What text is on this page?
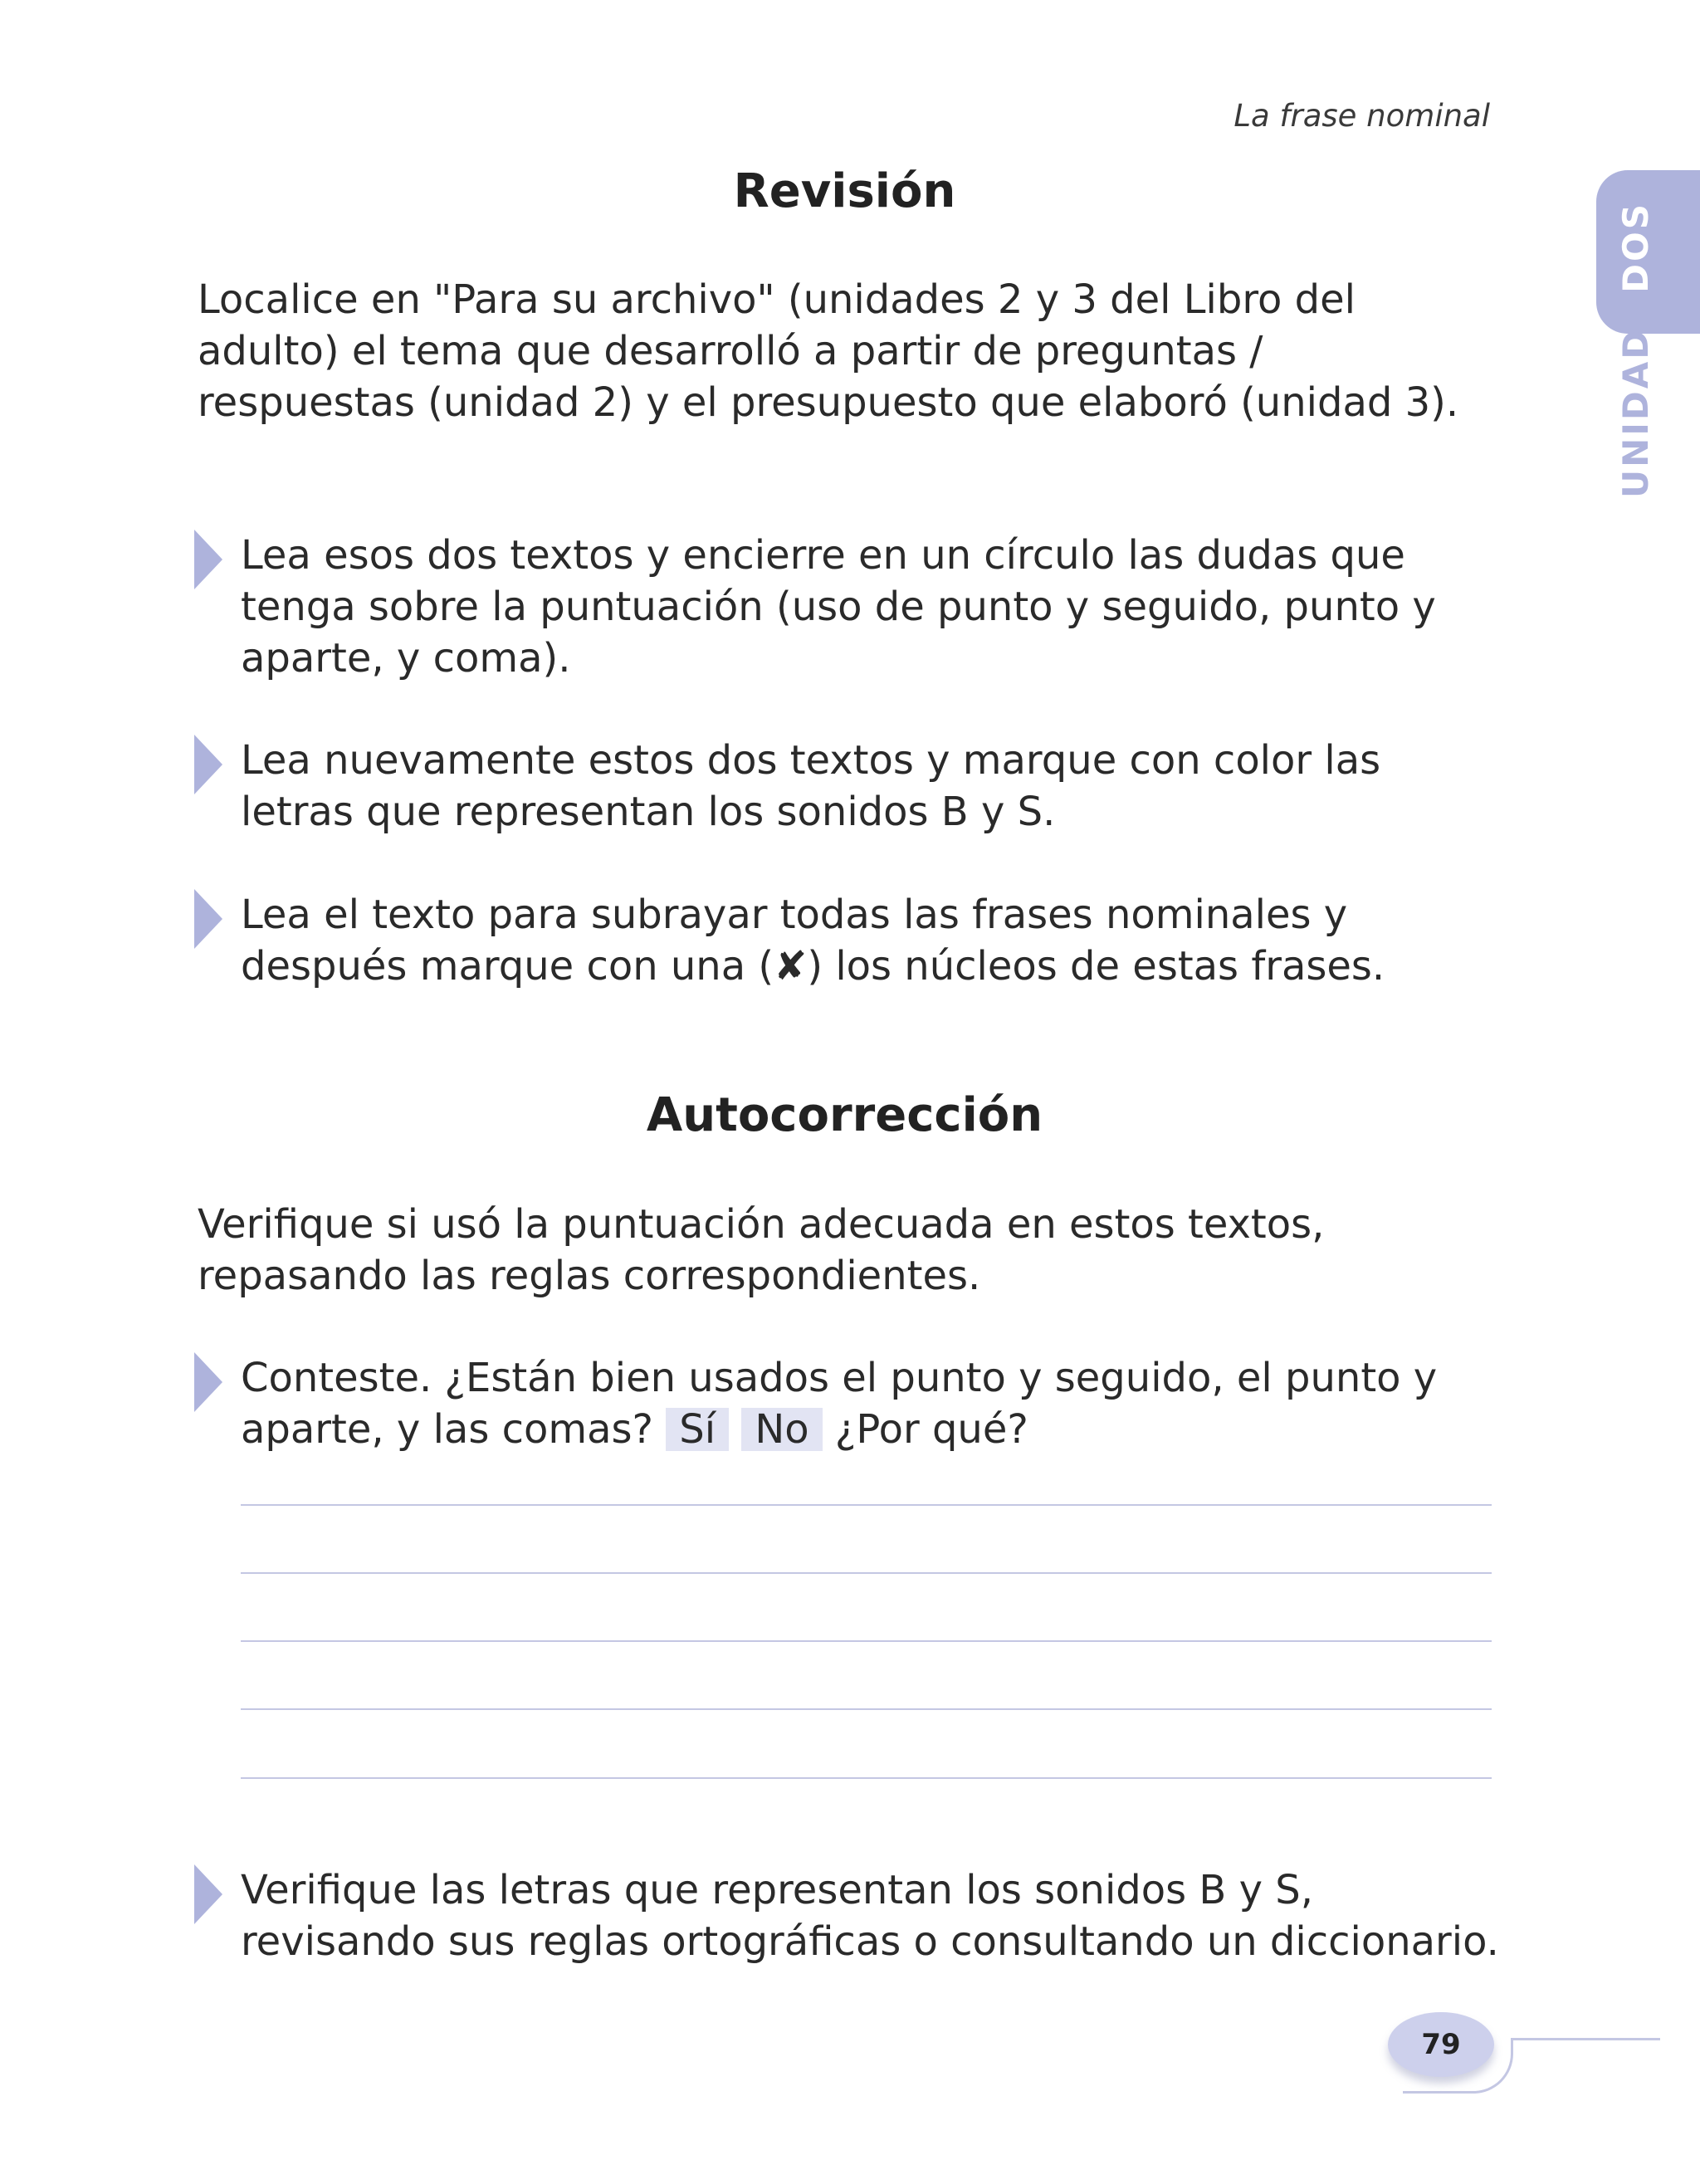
La frase nominal
UNIDADDOS
Revisión

Localice en "Para su archivo" (unidades 2 y 3 del Libro del adulto) el tema que desarrolló a partir de preguntas / respuestas (unidad 2) y el presupuesto que elaboró (unidad 3).

Lea esos dos textos y encierre en un círculo las dudas que tenga sobre la puntuación (uso de punto y seguido, punto y aparte, y coma).
Lea nuevamente estos dos textos y marque con color las letras que representan los sonidos B y S.
Lea el texto para subrayar todas las frases nominales y después marque con una (✘) los núcleos de estas frases.
Autocorrección

Verifique si usó la puntuación adecuada en estos textos, repasando las reglas correspondientes.

Conteste. ¿Están bien usados el punto y seguido, el punto y aparte, y las comas? Sí No ¿Por qué?
Verifique las letras que representan los sonidos B y S, revisando sus reglas ortográficas o consultando un diccionario.
79
